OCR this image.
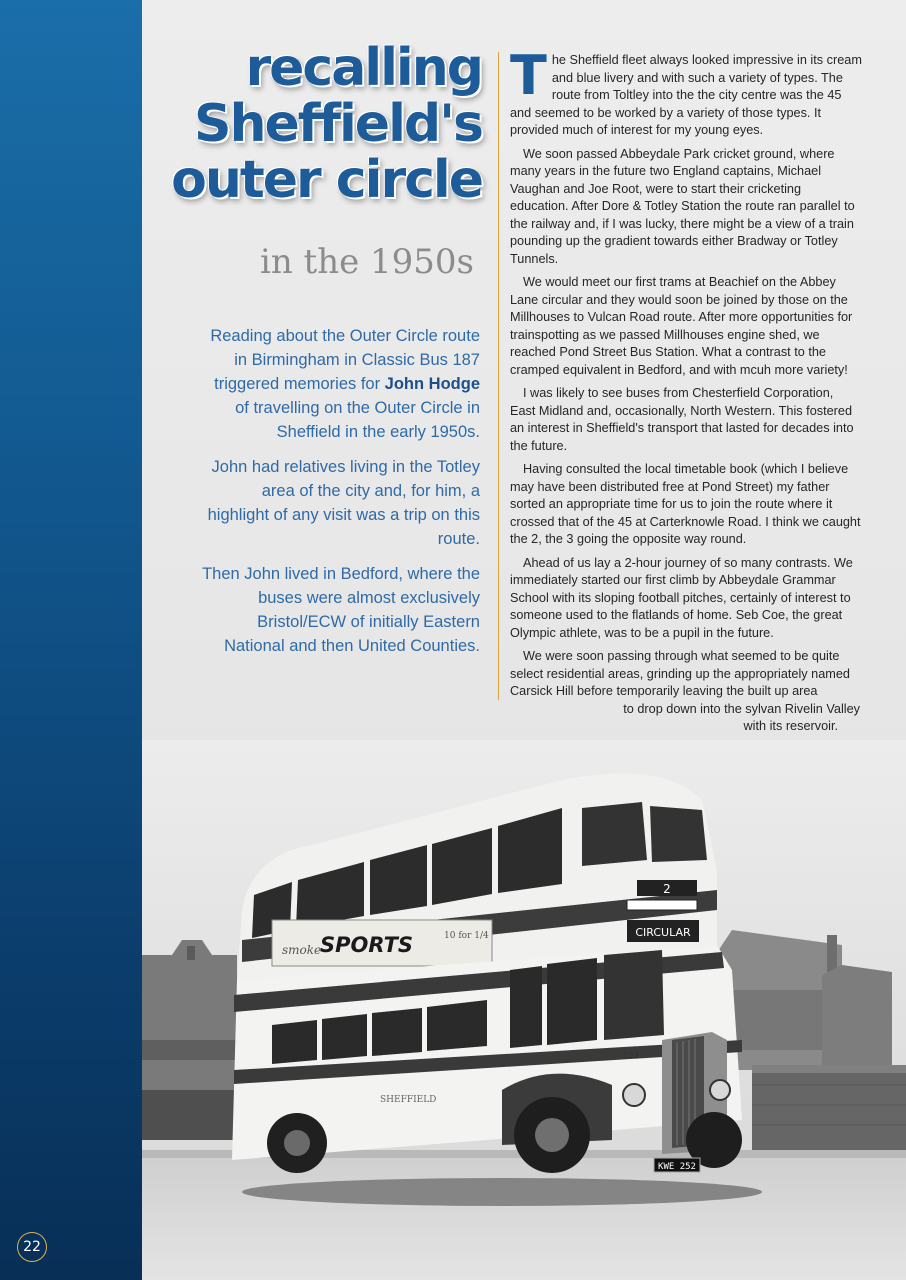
22
recalling
Sheffield's
outer circle
in the 1950s

Reading about the Outer Circle route in Birmingham in Classic Bus 187 triggered memories for John Hodge of travelling on the Outer Circle in Sheffield in the early 1950s.

John had relatives living in the Totley area of the city and, for him, a highlight of any visit was a trip on this route.

Then John lived in Bedford, where the buses were almost exclusively Bristol/ECW of initially Eastern National and then United Counties.

The Sheffield fleet always looked impressive in its cream and blue livery and with such a variety of types. The route from Toltley into the the city centre was the 45 and seemed to be worked by a variety of those types. It provided much of interest for my young eyes.

We soon passed Abbeydale Park cricket ground, where many years in the future two England captains, Michael Vaughan and Joe Root, were to start their cricketing education. After Dore & Totley Station the route ran parallel to the railway and, if I was lucky, there might be a view of a train pounding up the gradient towards either Bradway or Totley Tunnels.

We would meet our first trams at Beachief on the Abbey Lane circular and they would soon be joined by those on the Millhouses to Vulcan Road route. After more opportunities for trainspotting as we passed Millhouses engine shed, we reached Pond Street Bus Station. What a contrast to the cramped equivalent in Bedford, and with mcuh more variety!

I was likely to see buses from Chesterfield Corporation, East Midland and, occasionally, North Western. This fostered an interest in Sheffield's transport that lasted for decades into the future.

Having consulted the local timetable book (which I believe may have been distributed free at Pond Street) my father sorted an appropriate time for us to join the route where it crossed that of the 45 at Carterknowle Road. I think we caught the 2, the 3 going the opposite way round.

Ahead of us lay a 2-hour journey of so many contrasts. We immediately started our first climb by Abbeydale Grammar School with its sloping football pitches, certainly of interest to someone used to the flatlands of home. Seb Coe, the great Olympic athlete, was to be a pupil in the future.

We were soon passing through what seemed to be quite select residential areas, grinding up the appropriately named Carsick Hill before temporarily leaving the built up area
to drop down into the sylvan Rivelin Valley
with its reservoir.

2
CIRCULAR
smoke
SPORTS	10 for 1/4
252
SHEFFIELD
KWE 252
